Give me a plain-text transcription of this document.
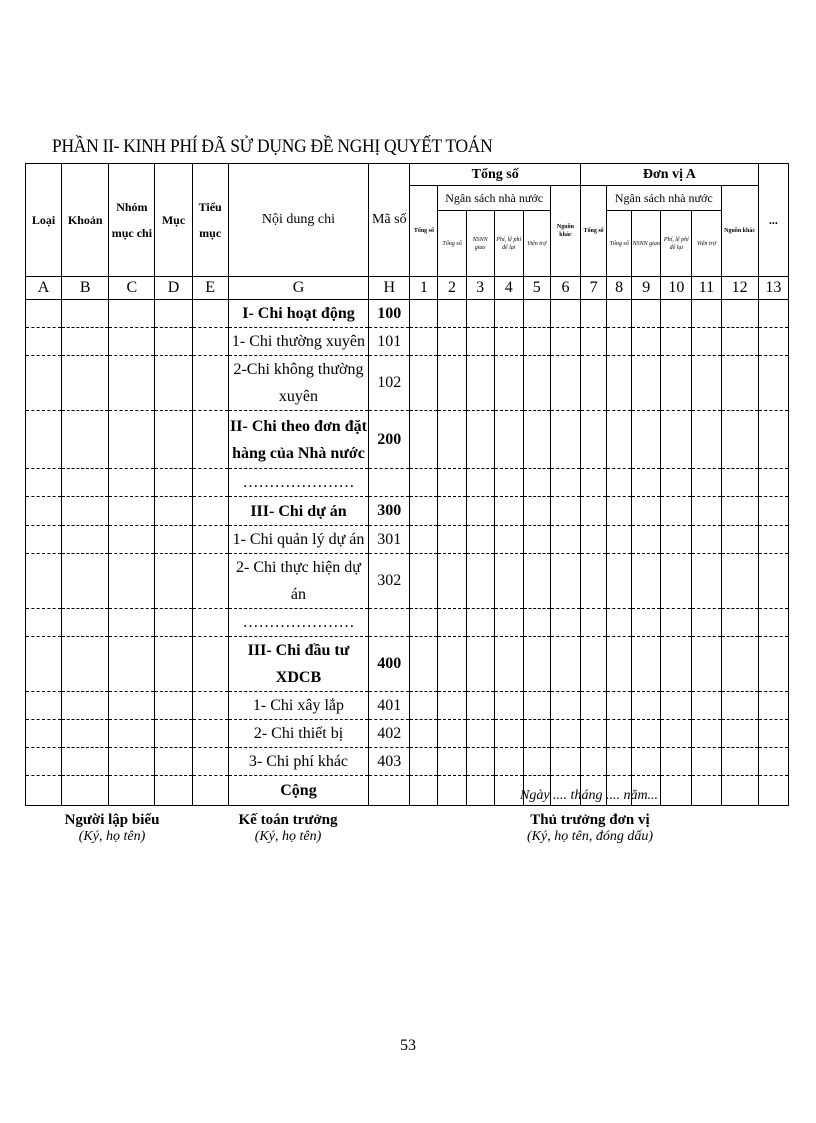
PHẦN II- KINH PHÍ ĐÃ SỬ DỤNG ĐỀ NGHỊ QUYẾT TOÁN
Loại	Khoản	Nhóm mục chi	Mục	Tiểu mục	Nội dung chi	Mã số	Tổng số						Đơn vị A						...
							Tổng số	Ngân sách nhà nước				Nguồn khác	Tổng số	Ngân sách nhà nước				Nguồn khác	
								Tổng số	NSNN giao	Phí, lệ phí để lại	Viện trợ			Tổng số	NSNN giao	Phí, lệ phí để lại	Viện trợ		
A	B	C	D	E	G	H	1	2	3	4	5	6	7	8	9	10	11	12	13
					I- Chi hoạt động	100													
					1- Chi thường xuyên	101													
					2-Chi không thường xuyên	102													
					II- Chi theo đơn đặt hàng của Nhà nước	200													
					…………………														
					III- Chi dự án	300													
					1- Chi quản lý dự án	301													
					2- Chi thực hiện dự án	302													
					…………………														
					III- Chi đầu tư XDCB	400													
					1- Chi xây lắp	401													
					2- Chi thiết bị	402													
					3- Chi phí khác	403													
					Cộng															Ngày .... tháng .... năm...
Người lập biểu
(Ký, họ tên)
Kế toán trưởng
(Ký, họ tên)
Thủ trưởng đơn vị
(Ký, họ tên, đóng dấu)
53
